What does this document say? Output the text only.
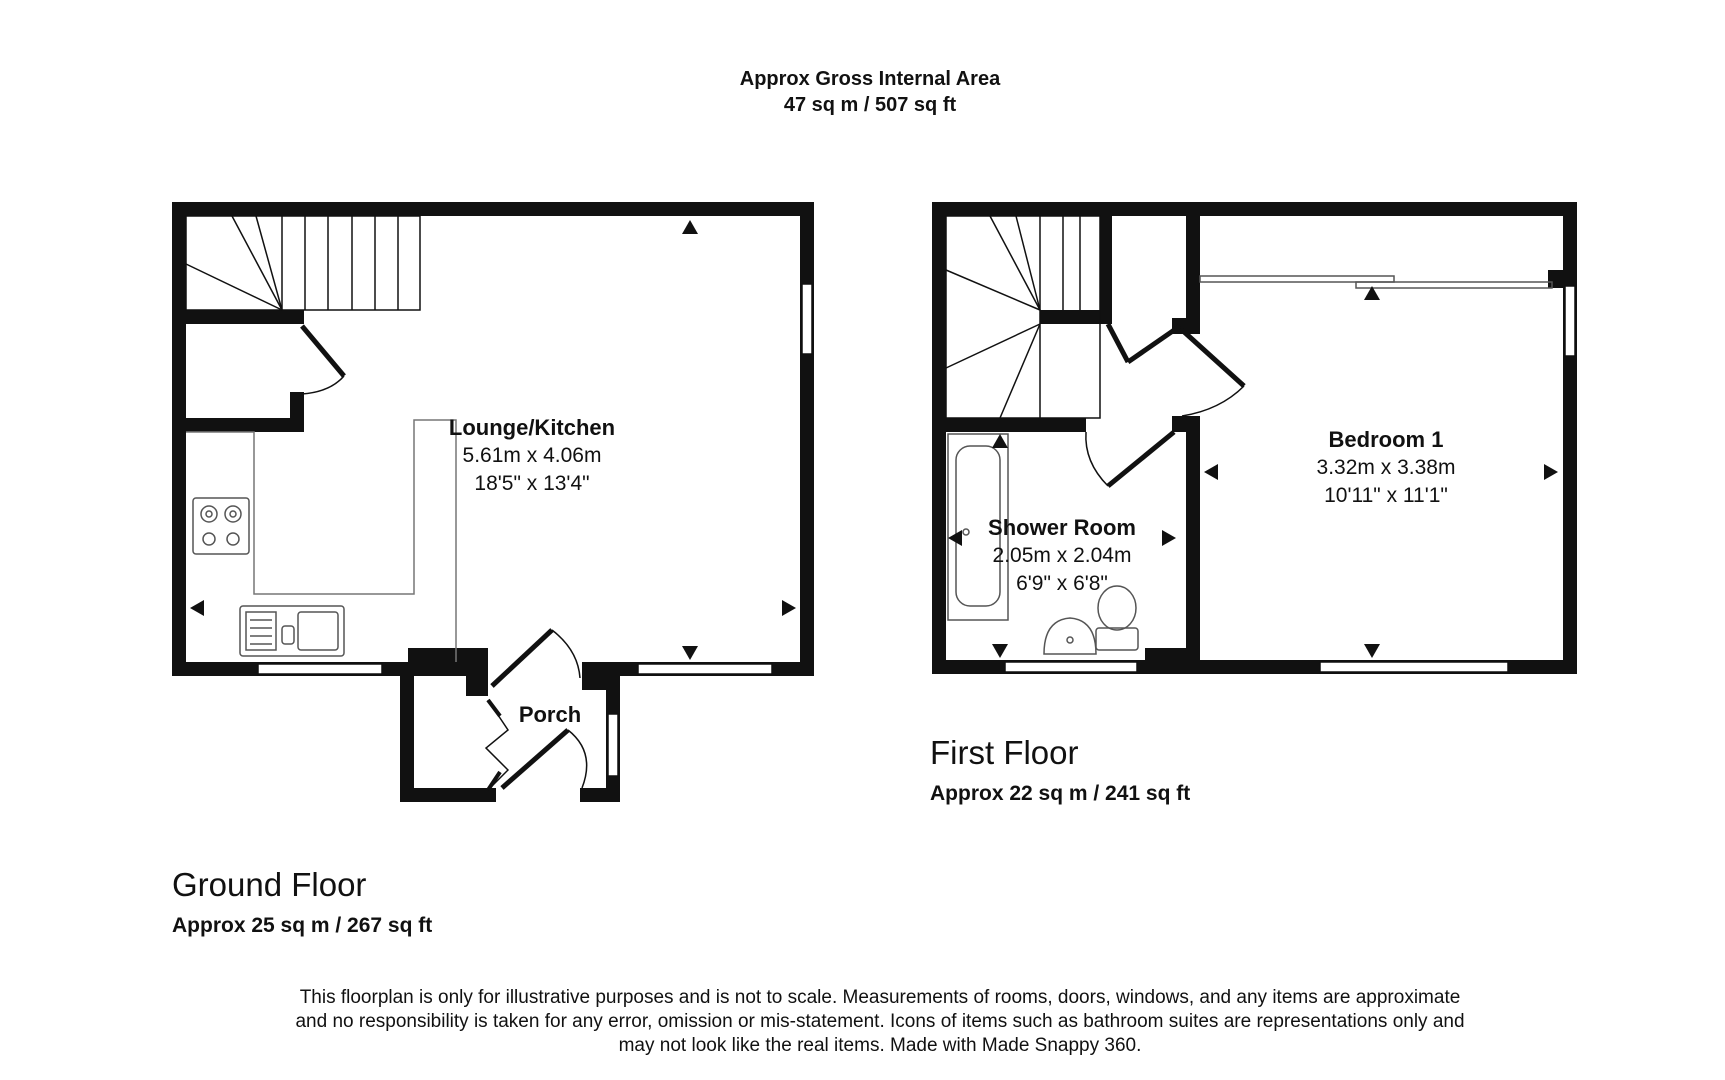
Approx Gross Internal Area
47 sq m / 507 sq ft
Lounge/Kitchen
5.61m x 4.06m
18'5" x 13'4"
Porch
Shower Room
2.05m x 2.04m
6'9" x 6'8"
Bedroom 1
3.32m x 3.38m
10'11" x 11'1"
First Floor
Approx 22 sq m / 241 sq ft
Ground Floor
Approx 25 sq m / 267 sq ft
This floorplan is only for illustrative purposes and is not to scale. Measurements of rooms, doors, windows, and any items are approximate
and no responsibility is taken for any error, omission or mis-statement. Icons of items such as bathroom suites are representations only and
may not look like the real items. Made with Made Snappy 360.
